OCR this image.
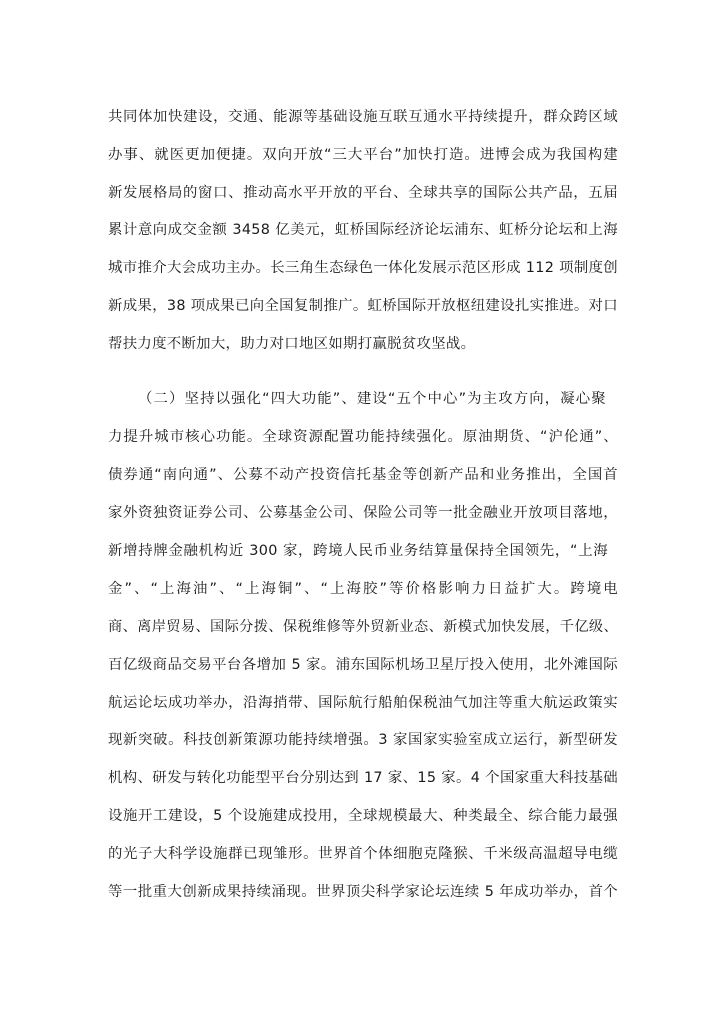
共同体加快建设，交通、能源等基础设施互联互通水平持续提升，群众跨区域
办事、就医更加便捷。双向开放“三大平台”加快打造。进博会成为我国构建
新发展格局的窗口、推动高水平开放的平台、全球共享的国际公共产品，五届
累计意向成交金额 3458 亿美元，虹桥国际经济论坛浦东、虹桥分论坛和上海
城市推介大会成功主办。长三角生态绿色一体化发展示范区形成 112 项制度创
新成果，38 项成果已向全国复制推广。虹桥国际开放枢纽建设扎实推进。对口
帮扶力度不断加大，助力对口地区如期打赢脱贫攻坚战。
（二）坚持以强化“四大功能”、建设“五个中心”为主攻方向，凝心聚
力提升城市核心功能。全球资源配置功能持续强化。原油期货、“沪伦通”、
债券通“南向通”、公募不动产投资信托基金等创新产品和业务推出，全国首
家外资独资证券公司、公募基金公司、保险公司等一批金融业开放项目落地，
新增持牌金融机构近 300 家，跨境人民币业务结算量保持全国领先，“上海
金”、“上海油”、“上海铜”、“上海胶”等价格影响力日益扩大。跨境电
商、离岸贸易、国际分拨、保税维修等外贸新业态、新模式加快发展，千亿级、
百亿级商品交易平台各增加 5 家。浦东国际机场卫星厅投入使用，北外滩国际
航运论坛成功举办，沿海捎带、国际航行船舶保税油气加注等重大航运政策实
现新突破。科技创新策源功能持续增强。3 家国家实验室成立运行，新型研发
机构、研发与转化功能型平台分别达到 17 家、15 家。4 个国家重大科技基础
设施开工建设，5 个设施建成投用，全球规模最大、种类最全、综合能力最强
的光子大科学设施群已现雏形。世界首个体细胞克隆猴、千米级高温超导电缆
等一批重大创新成果持续涌现。世界顶尖科学家论坛连续 5 年成功举办，首个
